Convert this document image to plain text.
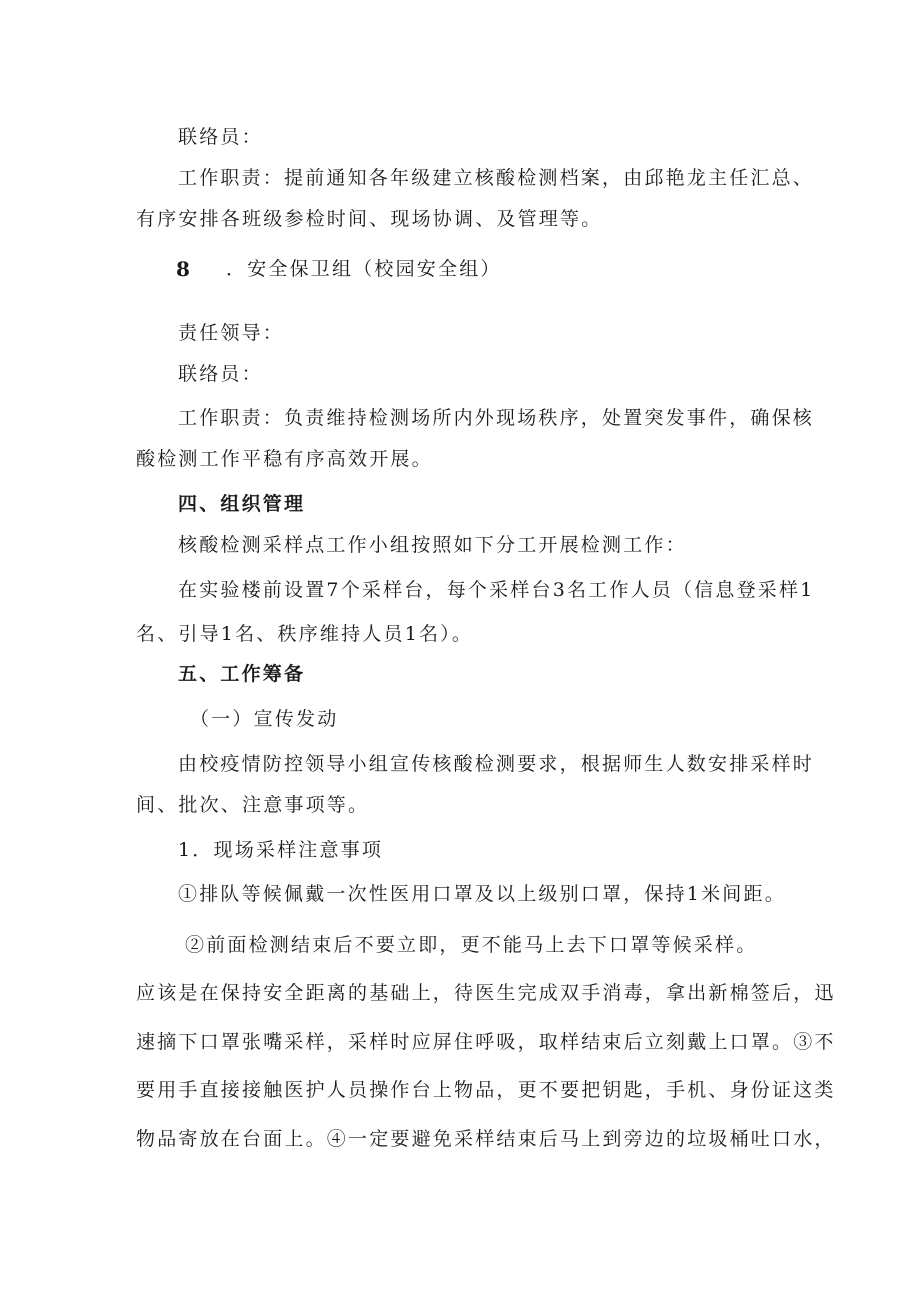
联络员：
工作职责：提前通知各年级建立核酸检测档案，由邱艳龙主任汇总、
有序安排各班级参检时间、现场协调、及管理等。
8 ．安全保卫组（校园安全组）
责任领导：
联络员：
工作职责：负责维持检测场所内外现场秩序，处置突发事件，确保核
酸检测工作平稳有序高效开展。
四、组织管理
核酸检测采样点工作小组按照如下分工开展检测工作：
在实验楼前设置7个采样台，每个采样台3名工作人员（信息登采样1
名、引导1名、秩序维持人员1名）。
五、工作筹备
（一）宣传发动
由校疫情防控领导小组宣传核酸检测要求，根据师生人数安排采样时
间、批次、注意事项等。
1．现场采样注意事项
①排队等候佩戴一次性医用口罩及以上级别口罩，保持1米间距。
②前面检测结束后不要立即，更不能马上去下口罩等候采样。
应该是在保持安全距离的基础上，待医生完成双手消毒，拿出新棉签后，迅
速摘下口罩张嘴采样，采样时应屏住呼吸，取样结束后立刻戴上口罩。③不
要用手直接接触医护人员操作台上物品，更不要把钥匙，手机、身份证这类
物品寄放在台面上。④一定要避免采样结束后马上到旁边的垃圾桶吐口水，
